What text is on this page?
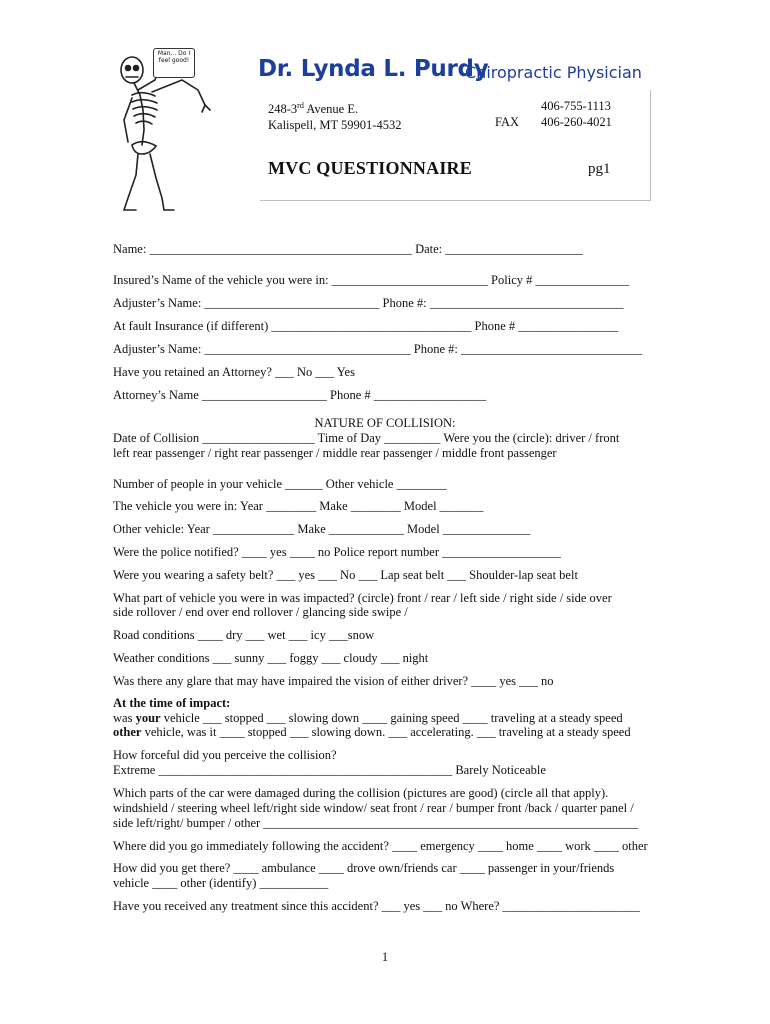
Man... Do I feel good!	Dr. Lynda L. Purdy
Chiropractic Physician
248-3rd Avenue E.
Kalispell, MT 59901-4532	FAX
406-755-1113
406-260-4021
MVC QUESTIONNAIRE	pg1
Name: __________________________________________ Date: ______________________
Insured’s Name of the vehicle you were in: _________________________ Policy # _______________
Adjuster’s Name: ____________________________ Phone #: _______________________________
At fault Insurance (if different) ________________________________ Phone # ________________
Adjuster’s Name: _________________________________ Phone #: _____________________________
Have you retained an Attorney? ___ No ___ Yes
Attorney’s Name ____________________ Phone # __________________
NATURE OF COLLISION:
Date of Collision __________________ Time of Day _________ Were you the (circle): driver / front
left rear passenger / right rear passenger / middle rear passenger / middle front passenger
Number of people in your vehicle ______ Other vehicle ________
The vehicle you were in: Year ________ Make ________ Model _______
Other vehicle: Year _____________ Make ____________ Model ______________
Were the police notified? ____ yes ____ no Police report number ___________________
Were you wearing a safety belt? ___ yes ___ No ___ Lap seat belt ___ Shoulder-lap seat belt
What part of vehicle you were in was impacted? (circle) front / rear / left side / right side / side over
side rollover / end over end rollover / glancing side swipe /
Road conditions ____ dry ___ wet ___ icy ___snow
Weather conditions ___ sunny ___ foggy ___ cloudy ___ night
Was there any glare that may have impaired the vision of either driver? ____ yes ___ no
At the time of impact:
was your vehicle ___ stopped ___ slowing down ____ gaining speed ____ traveling at a steady speed
other vehicle, was it ____ stopped ___ slowing down. ___ accelerating. ___ traveling at a steady speed
How forceful did you perceive the collision?
Extreme _______________________________________________ Barely Noticeable
Which parts of the car were damaged during the collision (pictures are good) (circle all that apply).
windshield / steering wheel left/right side window/ seat front / rear / bumper front /back / quarter panel /
side left/right/ bumper / other ____________________________________________________________
Where did you go immediately following the accident? ____ emergency ____ home ____ work ____ other
How did you get there? ____ ambulance ____ drove own/friends car ____ passenger in your/friends
vehicle ____ other (identify) ___________
Have you received any treatment since this accident? ___ yes ___ no Where? ______________________
1
